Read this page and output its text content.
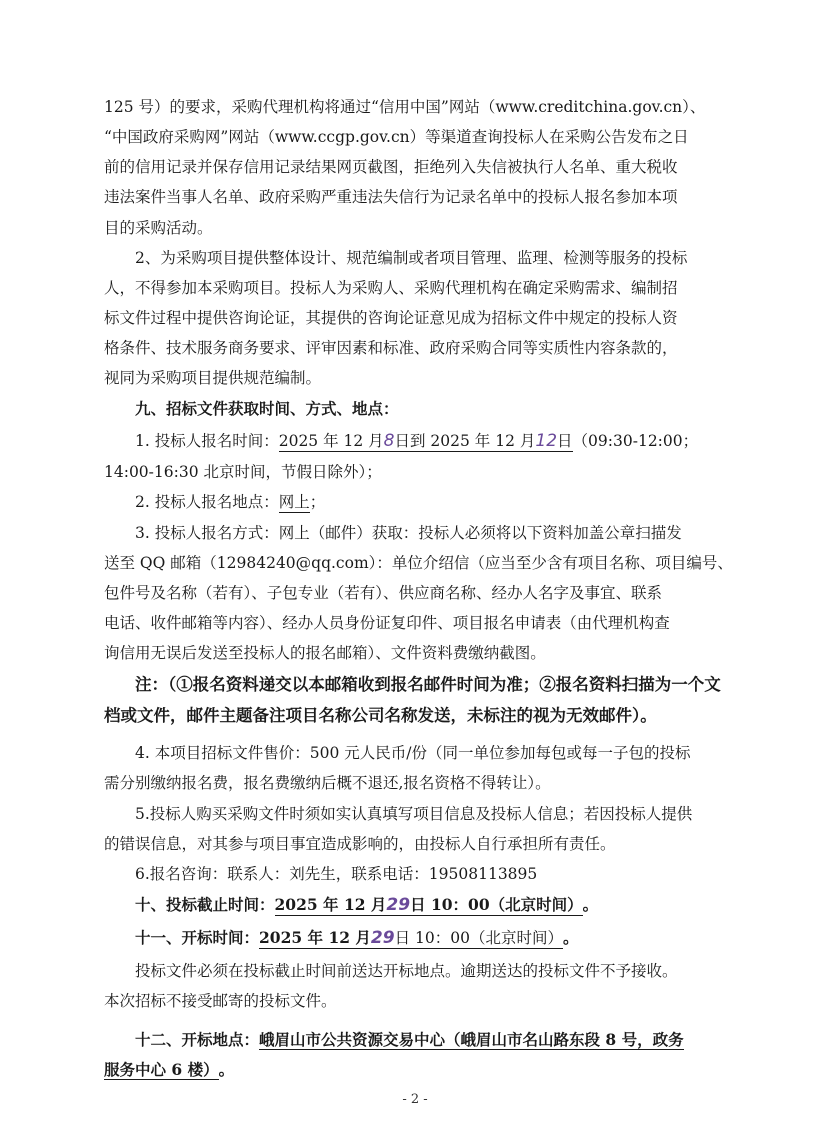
125 号）的要求，采购代理机构将通过“信用中国”网站（www.creditchina.gov.cn）、
“中国政府采购网”网站（www.ccgp.gov.cn）等渠道查询投标人在采购公告发布之日
前的信用记录并保存信用记录结果网页截图，拒绝列入失信被执行人名单、重大税收
违法案件当事人名单、政府采购严重违法失信行为记录名单中的投标人报名参加本项
目的采购活动。
2、为采购项目提供整体设计、规范编制或者项目管理、监理、检测等服务的投标
人，不得参加本采购项目。投标人为采购人、采购代理机构在确定采购需求、编制招
标文件过程中提供咨询论证，其提供的咨询论证意见成为招标文件中规定的投标人资
格条件、技术服务商务要求、评审因素和标准、政府采购合同等实质性内容条款的，
视同为采购项目提供规范编制。
九、招标文件获取时间、方式、地点：
1. 投标人报名时间：2025 年 12 月8日到 2025 年 12 月12日（09:30-12:00；
14:00-16:30 北京时间，节假日除外）；
2. 投标人报名地点：网上；
3. 投标人报名方式：网上（邮件）获取：投标人必须将以下资料加盖公章扫描发
送至 QQ 邮箱（12984240@qq.com）：单位介绍信（应当至少含有项目名称、项目编号、
包件号及名称（若有）、子包专业（若有）、供应商名称、经办人名字及事宜、联系
电话、收件邮箱等内容）、经办人员身份证复印件、项目报名申请表（由代理机构查
询信用无误后发送至投标人的报名邮箱）、文件资料费缴纳截图。
注：（①报名资料递交以本邮箱收到报名邮件时间为准；②报名资料扫描为一个文
档或文件，邮件主题备注项目名称公司名称发送，未标注的视为无效邮件）。
4. 本项目招标文件售价：500 元人民币/份（同一单位参加每包或每一子包的投标
需分别缴纳报名费，报名费缴纳后概不退还,报名资格不得转让）。
5.投标人购买采购文件时须如实认真填写项目信息及投标人信息；若因投标人提供
的错误信息，对其参与项目事宜造成影响的，由投标人自行承担所有责任。
6.报名咨询：联系人：刘先生，联系电话：19508113895
十、投标截止时间：2025 年 12 月29日 10：00（北京时间）。
十一、开标时间：2025 年 12 月29日 10：00（北京时间）。
投标文件必须在投标截止时间前送达开标地点。逾期送达的投标文件不予接收。
本次招标不接受邮寄的投标文件。
十二、开标地点：峨眉山市公共资源交易中心（峨眉山市名山路东段 8 号，政务
服务中心 6 楼）。
- 2 -
